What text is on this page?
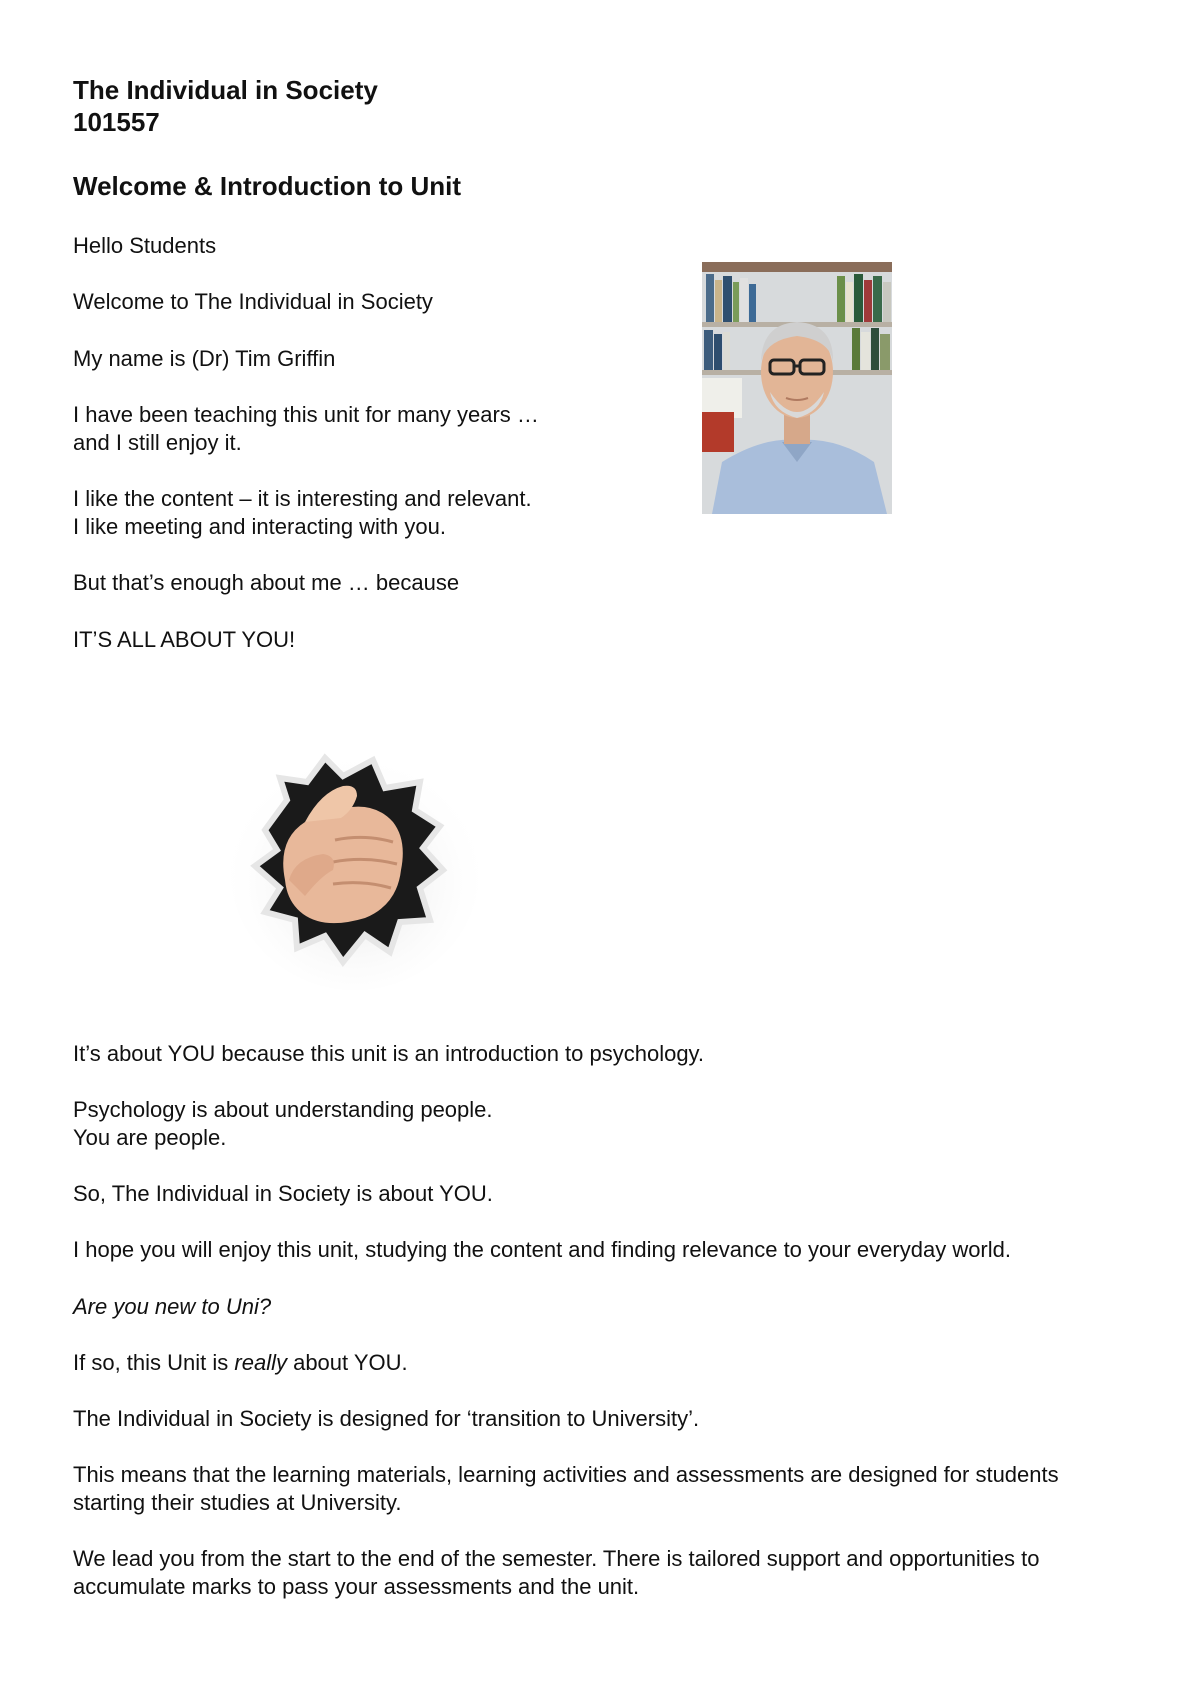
The Individual in Society

101557

Welcome & Introduction to Unit

Hello Students

Welcome to The Individual in Society

My name is (Dr) Tim Griffin

I have been teaching this unit for many years …

and I still enjoy it.

I like the content – it is interesting and relevant.

I like meeting and interacting with you.

But that’s enough about me … because

IT’S ALL ABOUT YOU!

It’s about YOU because this unit is an introduction to psychology.

Psychology is about understanding people.

You are people.

So, The Individual in Society is about YOU.

I hope you will enjoy this unit, studying the content and finding relevance to your everyday world.

Are you new to Uni?

If so, this Unit is really about YOU.

The Individual in Society is designed for ‘transition to University’.

This means that the learning materials, learning activities and assessments are designed for students starting their studies at University.

We lead you from the start to the end of the semester. There is tailored support and opportunities to accumulate marks to pass your assessments and the unit.
